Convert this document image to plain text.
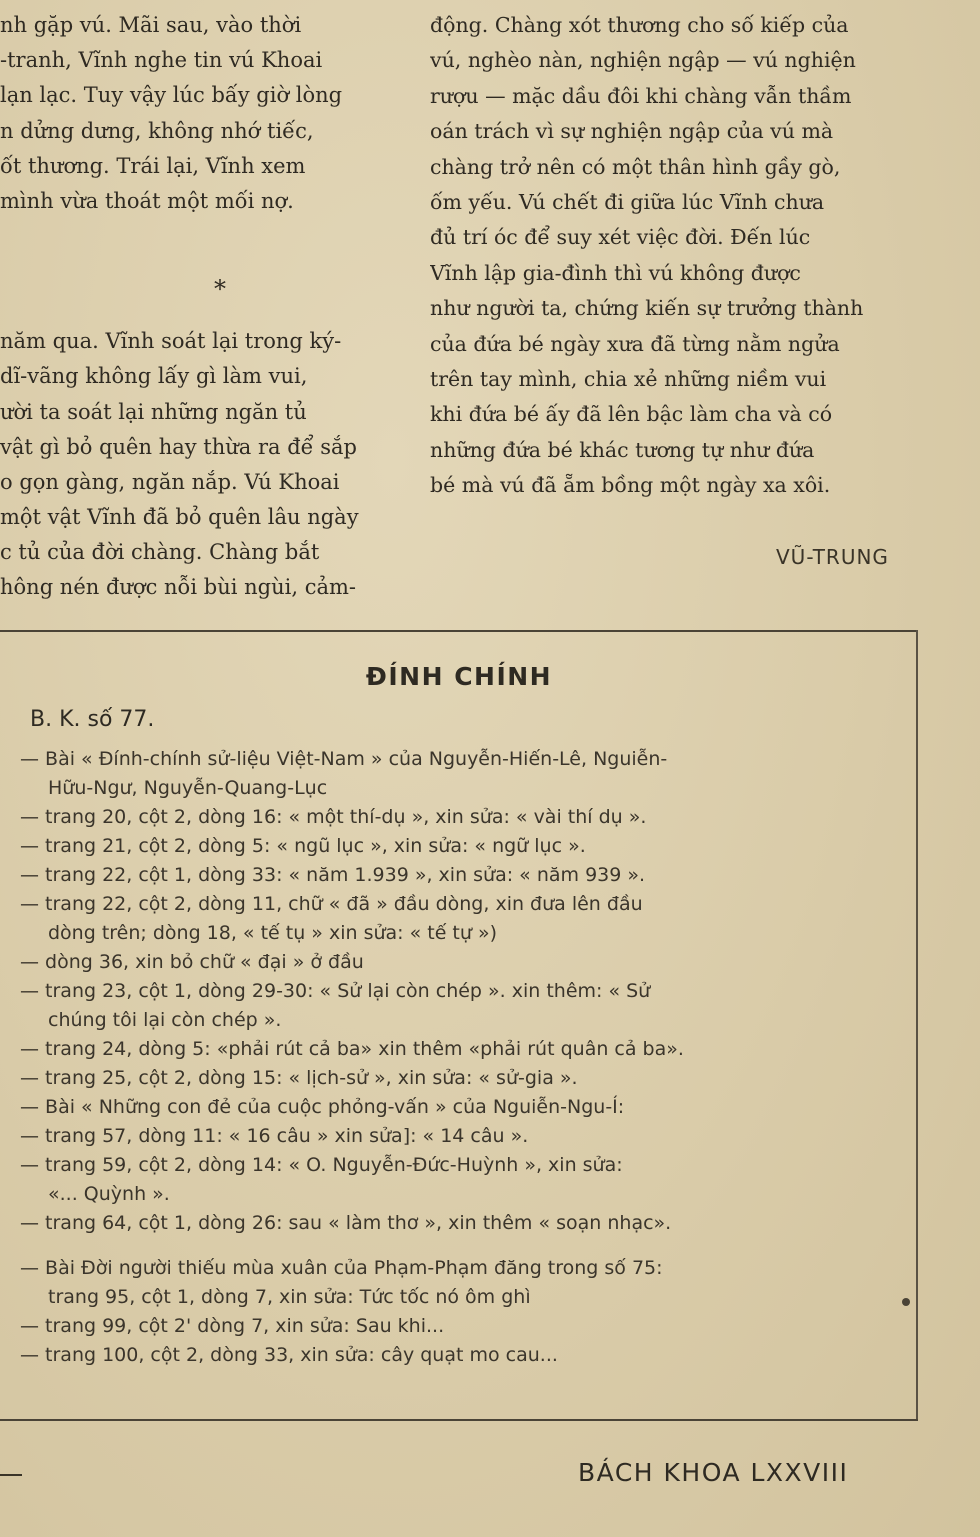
nh gặp vú. Mãi sau, vào thời
-tranh, Vĩnh nghe tin vú Khoai
lạn lạc. Tuy vậy lúc bấy giờ lòng
n dửng dưng, không nhớ tiếc,
ốt thương. Trái lại, Vĩnh xem
mình vừa thoát một mối nợ.
*
năm qua. Vĩnh soát lại trong ký-
dĩ-vãng không lấy gì làm vui,
ười ta soát lại những ngăn tủ
vật gì bỏ quên hay thừa ra để sắp
o gọn gàng, ngăn nắp. Vú Khoai
một vật Vĩnh đã bỏ quên lâu ngày
c tủ của đời chàng. Chàng bắt
hông nén được nỗi bùi ngùi, cảm-
động. Chàng xót thương cho số kiếp của
vú, nghèo nàn, nghiện ngập — vú nghiện
rượu — mặc dầu đôi khi chàng vẫn thầm
oán trách vì sự nghiện ngập của vú mà
chàng trở nên có một thân hình gầy gò,
ốm yếu. Vú chết đi giữa lúc Vĩnh chưa
đủ trí óc để suy xét việc đời. Đến lúc
Vĩnh lập gia-đình thì vú không được
như người ta, chứng kiến sự trưởng thành
của đứa bé ngày xưa đã từng nằm ngửa
trên tay mình, chia xẻ những niềm vui
khi đứa bé ấy đã lên bậc làm cha và có
những đứa bé khác tương tự như đứa
bé mà vú đã ẵm bồng một ngày xa xôi.
VŨ-TRUNG
ĐÍNH CHÍNH
B. K. số 77.
— Bài « Đính-chính sử-liệu Việt-Nam » của Nguyễn-Hiến-Lê, Nguiễn-
Hữu-Ngư, Nguyễn-Quang-Lục
— trang 20, cột 2, dòng 16: « một thí-dụ », xin sửa: « vài thí dụ ».
— trang 21, cột 2, dòng 5: « ngũ lục », xin sửa: « ngữ lục ».
— trang 22, cột 1, dòng 33: « năm 1.939 », xin sửa: « năm 939 ».
— trang 22, cột 2, dòng 11, chữ « đã » đầu dòng, xin đưa lên đầu
dòng trên; dòng 18, « tế tụ » xin sửa: « tế tự »)
— dòng 36, xin bỏ chữ « đại » ở đầu
— trang 23, cột 1, dòng 29-30: « Sử lại còn chép ». xin thêm: « Sử
chúng tôi lại còn chép ».
— trang 24, dòng 5: «phải rút cả ba» xin thêm «phải rút quân cả ba».
— trang 25, cột 2, dòng 15: « lịch-sử », xin sửa: « sử-gia ».
— Bài « Những con đẻ của cuộc phỏng-vấn » của Nguiễn-Ngu-Í:
— trang 57, dòng 11: « 16 câu » xin sửa]: « 14 câu ».
— trang 59, cột 2, dòng 14: « O. Nguyễn-Đức-Huỳnh », xin sửa:
«... Quỳnh ».
— trang 64, cột 1, dòng 26: sau « làm thơ », xin thêm « soạn nhạc».
— Bài Đời người thiếu mùa xuân của Phạm-Phạm đăng trong số 75:
trang 95, cột 1, dòng 7, xin sửa: Tức tốc nó ôm ghì
— trang 99, cột 2' dòng 7, xin sửa: Sau khi...
— trang 100, cột 2, dòng 33, xin sửa: cây quạt mo cau...
BÁCH KHOA LXXVIII
